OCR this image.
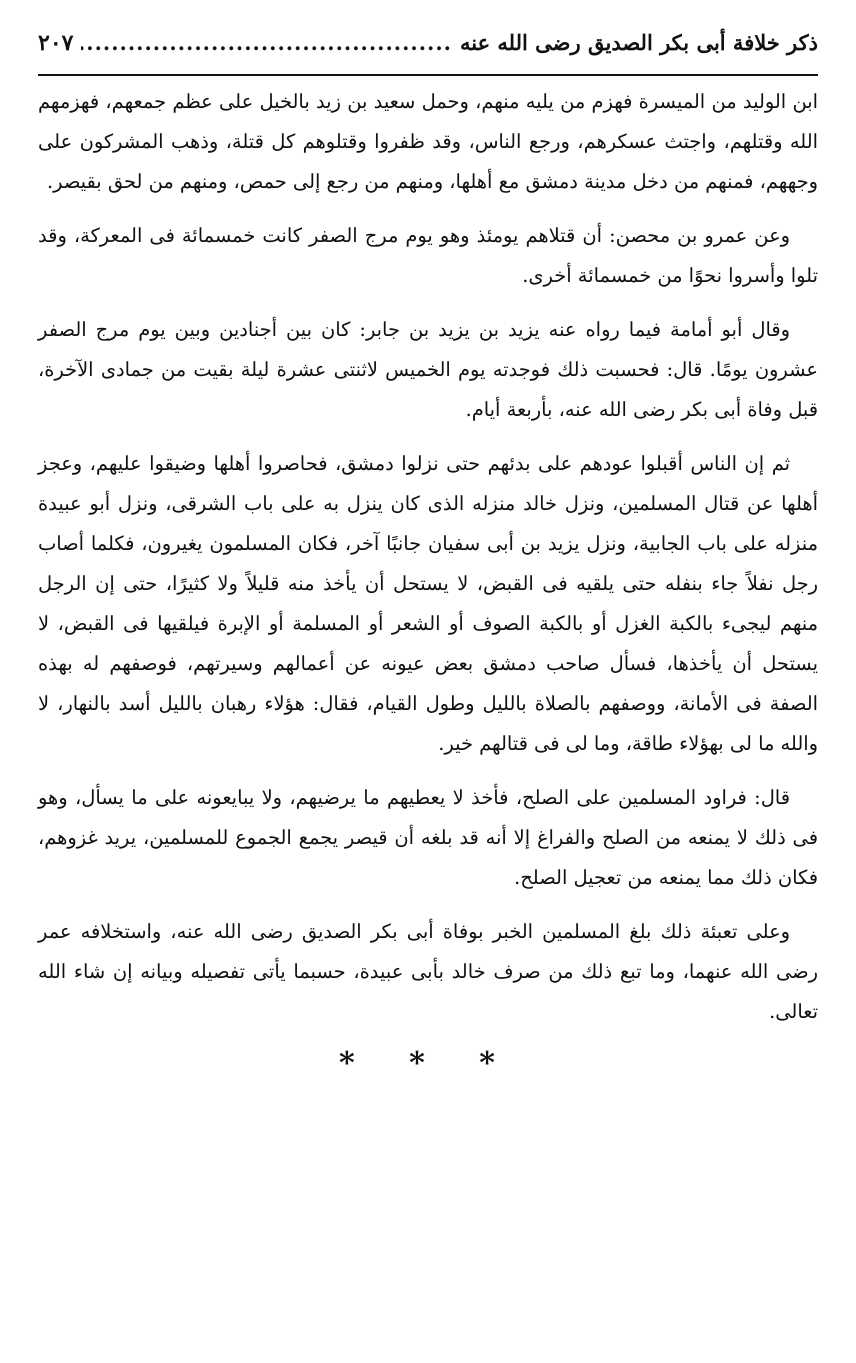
ذكر خلافة أبى بكر الصديق رضى الله عنه
.....
٢٠٧

ابن الوليد من الميسرة فهزم من يليه منهم، وحمل سعيد بن زيد بالخيل على عظم جمعهم، فهزمهم الله وقتلهم، واجتث عسكرهم، ورجع الناس، وقد ظفروا وقتلوهم كل قتلة، وذهب المشركون على وجههم، فمنهم من دخل مدينة دمشق مع أهلها، ومنهم من رجع إلى حمص، ومنهم من لحق بقيصر.

وعن عمرو بن محصن: أن قتلاهم يومئذ وهو يوم مرج الصفر كانت خمسمائة فى المعركة، وقد تلوا وأسروا نحوًا من خمسمائة أخرى.

وقال أبو أمامة فيما رواه عنه يزيد بن يزيد بن جابر: كان بين أجنادين وبين يوم مرج الصفر عشرون يومًا. قال: فحسبت ذلك فوجدته يوم الخميس لاثنتى عشرة ليلة بقيت من جمادى الآخرة، قبل وفاة أبى بكر رضى الله عنه، بأربعة أيام.

ثم إن الناس أقبلوا عودهم على بدئهم حتى نزلوا دمشق، فحاصروا أهلها وضيقوا عليهم، وعجز أهلها عن قتال المسلمين، ونزل خالد منزله الذى كان ينزل به على باب الشرقى، ونزل أبو عبيدة منزله على باب الجابية، ونزل يزيد بن أبى سفيان جانبًا آخر، فكان المسلمون يغيرون، فكلما أصاب رجل نفلاً جاء بنفله حتى يلقيه فى القبض، لا يستحل أن يأخذ منه قليلاً ولا كثيرًا، حتى إن الرجل منهم ليجىء بالكبة الغزل أو بالكبة الصوف أو الشعر أو المسلمة أو الإبرة فيلقيها فى القبض، لا يستحل أن يأخذها، فسأل صاحب دمشق بعض عيونه عن أعمالهم وسيرتهم، فوصفهم له بهذه الصفة فى الأمانة، ووصفهم بالصلاة بالليل وطول القيام، فقال: هؤلاء رهبان بالليل أسد بالنهار، لا والله ما لى بهؤلاء طاقة، وما لى فى قتالهم خير.

قال: فراود المسلمين على الصلح، فأخذ لا يعطيهم ما يرضيهم، ولا يبايعونه على ما يسأل، وهو فى ذلك لا يمنعه من الصلح والفراغ إلا أنه قد بلغه أن قيصر يجمع الجموع للمسلمين، يريد غزوهم، فكان ذلك مما يمنعه من تعجيل الصلح.

وعلى تعبئة ذلك بلغ المسلمين الخبر بوفاة أبى بكر الصديق رضى الله عنه، واستخلافه عمر رضى الله عنهما، وما تبع ذلك من صرف خالد بأبى عبيدة، حسبما يأتى تفصيله وبيانه إن شاء الله تعالى.

* * *
